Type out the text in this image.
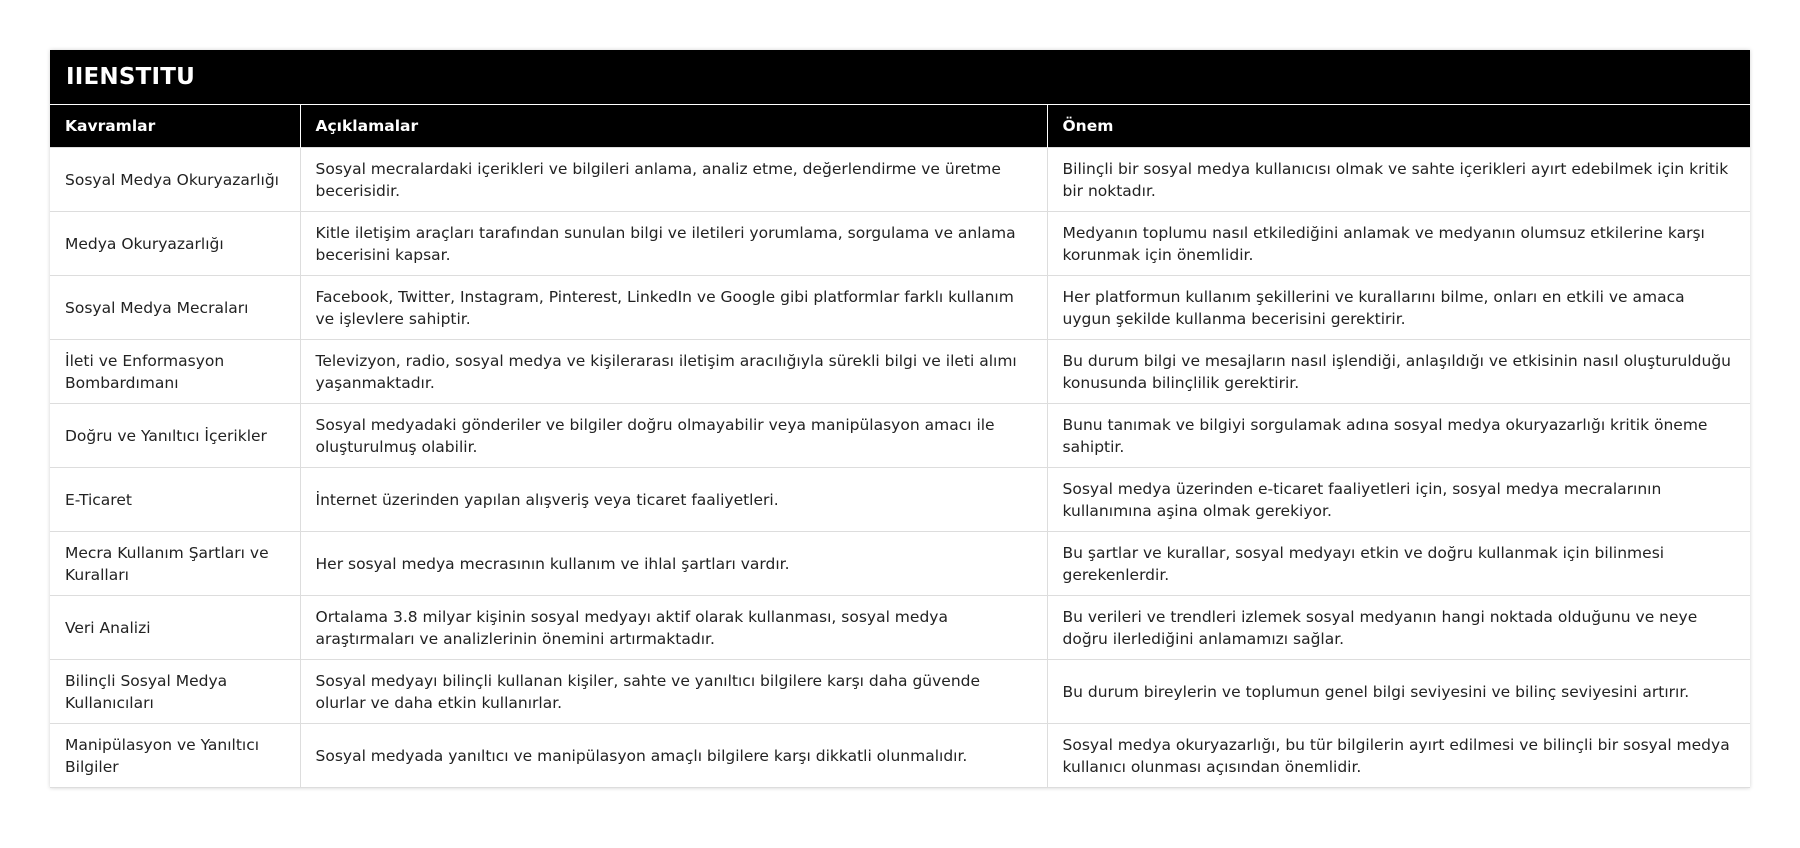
IIENSTITU
Kavramlar	Açıklamalar	Önem
Sosyal Medya Okuryazarlığı	Sosyal mecralardaki içerikleri ve bilgileri anlama, analiz etme, değerlendirme ve üretme becerisidir.	Bilinçli bir sosyal medya kullanıcısı olmak ve sahte içerikleri ayırt edebilmek için kritik bir noktadır.
Medya Okuryazarlığı	Kitle iletişim araçları tarafından sunulan bilgi ve iletileri yorumlama, sorgulama ve anlama becerisini kapsar.	Medyanın toplumu nasıl etkilediğini anlamak ve medyanın olumsuz etkilerine karşı korunmak için önemlidir.
Sosyal Medya Mecraları	Facebook, Twitter, Instagram, Pinterest, LinkedIn ve Google gibi platformlar farklı kullanım ve işlevlere sahiptir.	Her platformun kullanım şekillerini ve kurallarını bilme, onları en etkili ve amaca uygun şekilde kullanma becerisini gerektirir.
İleti ve Enformasyon Bombardımanı	Televizyon, radio, sosyal medya ve kişilerarası iletişim aracılığıyla sürekli bilgi ve ileti alımı yaşanmaktadır.	Bu durum bilgi ve mesajların nasıl işlendiği, anlaşıldığı ve etkisinin nasıl oluşturulduğu konusunda bilinçlilik gerektirir.
Doğru ve Yanıltıcı İçerikler	Sosyal medyadaki gönderiler ve bilgiler doğru olmayabilir veya manipülasyon amacı ile oluşturulmuş olabilir.	Bunu tanımak ve bilgiyi sorgulamak adına sosyal medya okuryazarlığı kritik öneme sahiptir.
E-Ticaret	İnternet üzerinden yapılan alışveriş veya ticaret faaliyetleri.	Sosyal medya üzerinden e-ticaret faaliyetleri için, sosyal medya mecralarının kullanımına aşina olmak gerekiyor.
Mecra Kullanım Şartları ve Kuralları	Her sosyal medya mecrasının kullanım ve ihlal şartları vardır.	Bu şartlar ve kurallar, sosyal medyayı etkin ve doğru kullanmak için bilinmesi gerekenlerdir.
Veri Analizi	Ortalama 3.8 milyar kişinin sosyal medyayı aktif olarak kullanması, sosyal medya araştırmaları ve analizlerinin önemini artırmaktadır.	Bu verileri ve trendleri izlemek sosyal medyanın hangi noktada olduğunu ve neye doğru ilerlediğini anlamamızı sağlar.
Bilinçli Sosyal Medya Kullanıcıları	Sosyal medyayı bilinçli kullanan kişiler, sahte ve yanıltıcı bilgilere karşı daha güvende olurlar ve daha etkin kullanırlar.	Bu durum bireylerin ve toplumun genel bilgi seviyesini ve bilinç seviyesini artırır.
Manipülasyon ve Yanıltıcı Bilgiler	Sosyal medyada yanıltıcı ve manipülasyon amaçlı bilgilere karşı dikkatli olunmalıdır.	Sosyal medya okuryazarlığı, bu tür bilgilerin ayırt edilmesi ve bilinçli bir sosyal medya kullanıcı olunması açısından önemlidir.
